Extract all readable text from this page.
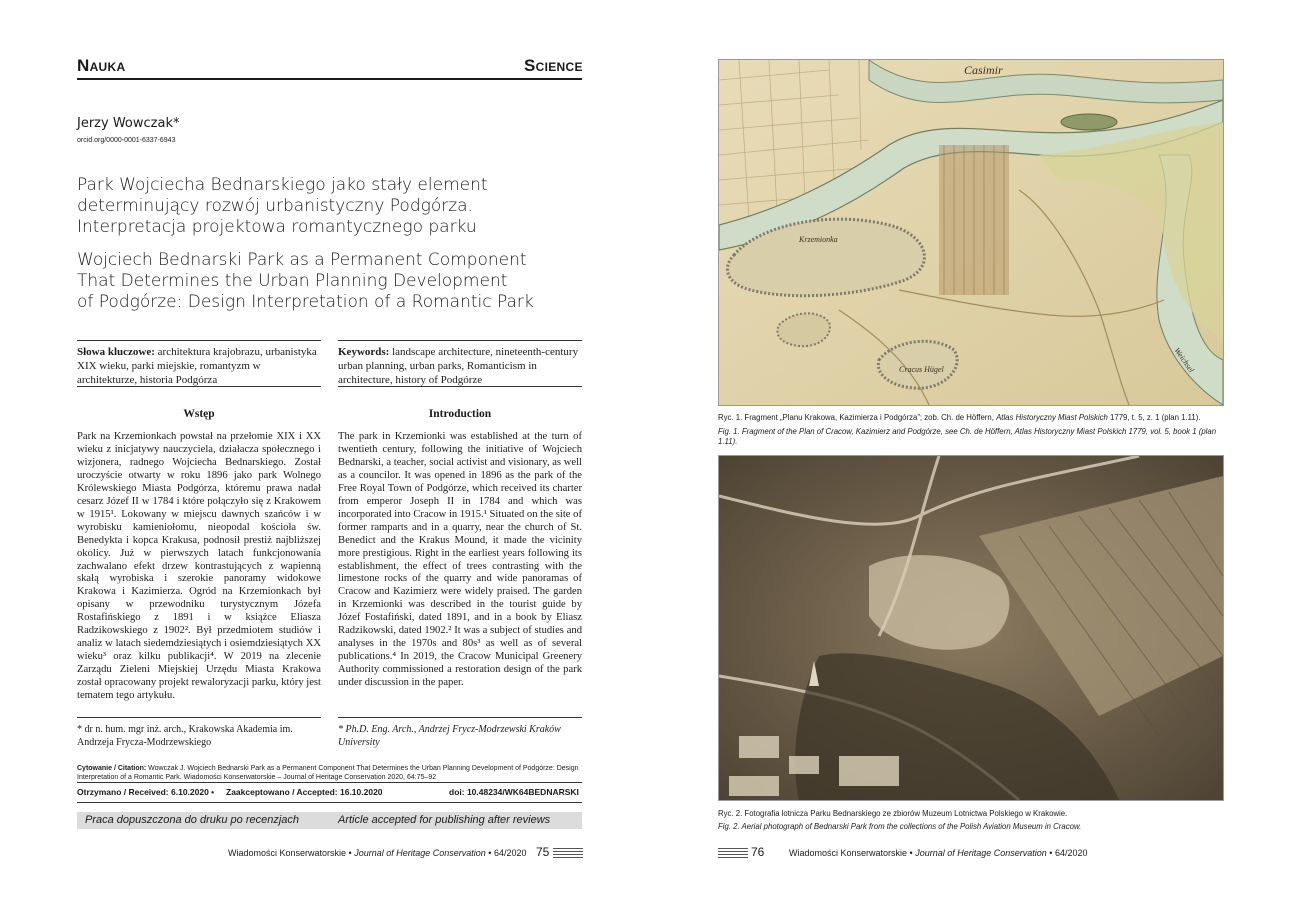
Nauka	Science
Jerzy Wowczak*
orcid.org/0000-0001-6337-6943
Park Wojciecha Bednarskiego jako stały element
determinujący rozwój urbanistyczny Podgórza.
Interpretacja projektowa romantycznego parku
Wojciech Bednarski Park as a Permanent Component
That Determines the Urban Planning Development
of Podgórze: Design Interpretation of a Romantic Park
Słowa kluczowe: architektura krajobrazu, urbanistyka XIX wieku, parki miejskie, romantyzm w architekturze, historia Podgórza
Keywords: landscape architecture, nineteenth-century urban planning, urban parks, Romanticism in architecture, history of Podgórze
Wstęp	Introduction
Park na Krzemionkach powstał na przełomie XIX i XX wieku z inicjatywy nauczyciela, działacza społecznego i wizjonera, radnego Wojciecha Bednarskiego. Został uroczyście otwarty w roku 1896 jako park Wolnego Królewskiego Miasta Podgórza, któremu prawa nadał cesarz Józef II w 1784 i które połączyło się z Krakowem w 1915¹. Lokowany w miejscu dawnych szańców i w wyrobisku kamieniołomu, nieopodal kościoła św. Benedykta i kopca Krakusa, podnosił prestiż najbliższej okolicy. Już w pierwszych latach funkcjonowania zachwalano efekt drzew kontrastujących z wapienną skałą wyrobiska i szerokie panoramy widokowe Krakowa i Kazimierza. Ogród na Krzemionkach był opisany w przewodniku turystycznym Józefa Rostafińskiego z 1891 i w książce Eliasza Radzikowskiego z 1902². Był przedmiotem studiów i analiz w latach siedemdziesiątych i osiemdziesiątych XX wieku³ oraz kilku publikacji⁴. W 2019 na zlecenie Zarządu Zieleni Miejskiej Urzędu Miasta Krakowa został opracowany projekt rewaloryzacji parku, który jest tematem tego artykułu.
The park in Krzemionki was established at the turn of twentieth century, following the initiative of Wojciech Bednarski, a teacher, social activist and visionary, as well as a councilor. It was opened in 1896 as the park of the Free Royal Town of Podgórze, which received its charter from emperor Joseph II in 1784 and which was incorporated into Cracow in 1915.¹ Situated on the site of former ramparts and in a quarry, near the church of St. Benedict and the Krakus Mound, it made the vicinity more prestigious. Right in the earliest years following its establishment, the effect of trees contrasting with the limestone rocks of the quarry and wide panoramas of Cracow and Kazimierz were widely praised. The garden in Krzemionki was described in the tourist guide by Józef Fostafiński, dated 1891, and in a book by Eliasz Radzikowski, dated 1902.² It was a subject of studies and analyses in the 1970s and 80s³ as well as of several publications.⁴ In 2019, the Cracow Municipal Greenery Authority commissioned a restoration design of the park under discussion in the paper.
* dr n. hum. mgr inż. arch., Krakowska Akademia im. Andrzeja Frycza-Modrzewskiego
* Ph.D. Eng. Arch., Andrzej Frycz-Modrzewski Kraków University
Cytowanie / Citation: Wowczak J. Wojciech Bednarski Park as a Permanent Component That Determines the Urban Planning Development of Podgórze: Design Interpretation of a Romantic Park. Wiadomości Konserwatorskie – Journal of Heritage Conservation 2020, 64:75–92
Otrzymano / Received: 6.10.2020 • Zaakceptowano / Accepted: 16.10.2020	doi: 10.48234/WK64BEDNARSKI
Praca dopuszczona do druku po recenzjach	Article accepted for publishing after reviews
Wiadomości Konserwatorskie • Journal of Heritage Conservation • 64/2020 75
Casimir
Krzemionka
Cracus Hügel	Weichsel
Ryc. 1. Fragment „Planu Krakowa, Kazimierza i Podgórza”; zob. Ch. de Höffern, Atlas Historyczny Miast Polskich 1779, t. 5, z. 1 (plan 1.11).
Fig. 1. Fragment of the Plan of Cracow, Kazimierz and Podgórze, see Ch. de Höffern, Atlas Historyczny Miast Polskich 1779, vol. 5, book 1 (plan 1.11).
Ryc. 2. Fotografia lotnicza Parku Bednarskiego ze zbiorów Muzeum Lotnictwa Polskiego w Krakowie.
Fig. 2. Aerial photograph of Bednarski Park from the collections of the Polish Aviation Museum in Cracow.
76	Wiadomości Konserwatorskie • Journal of Heritage Conservation • 64/2020
